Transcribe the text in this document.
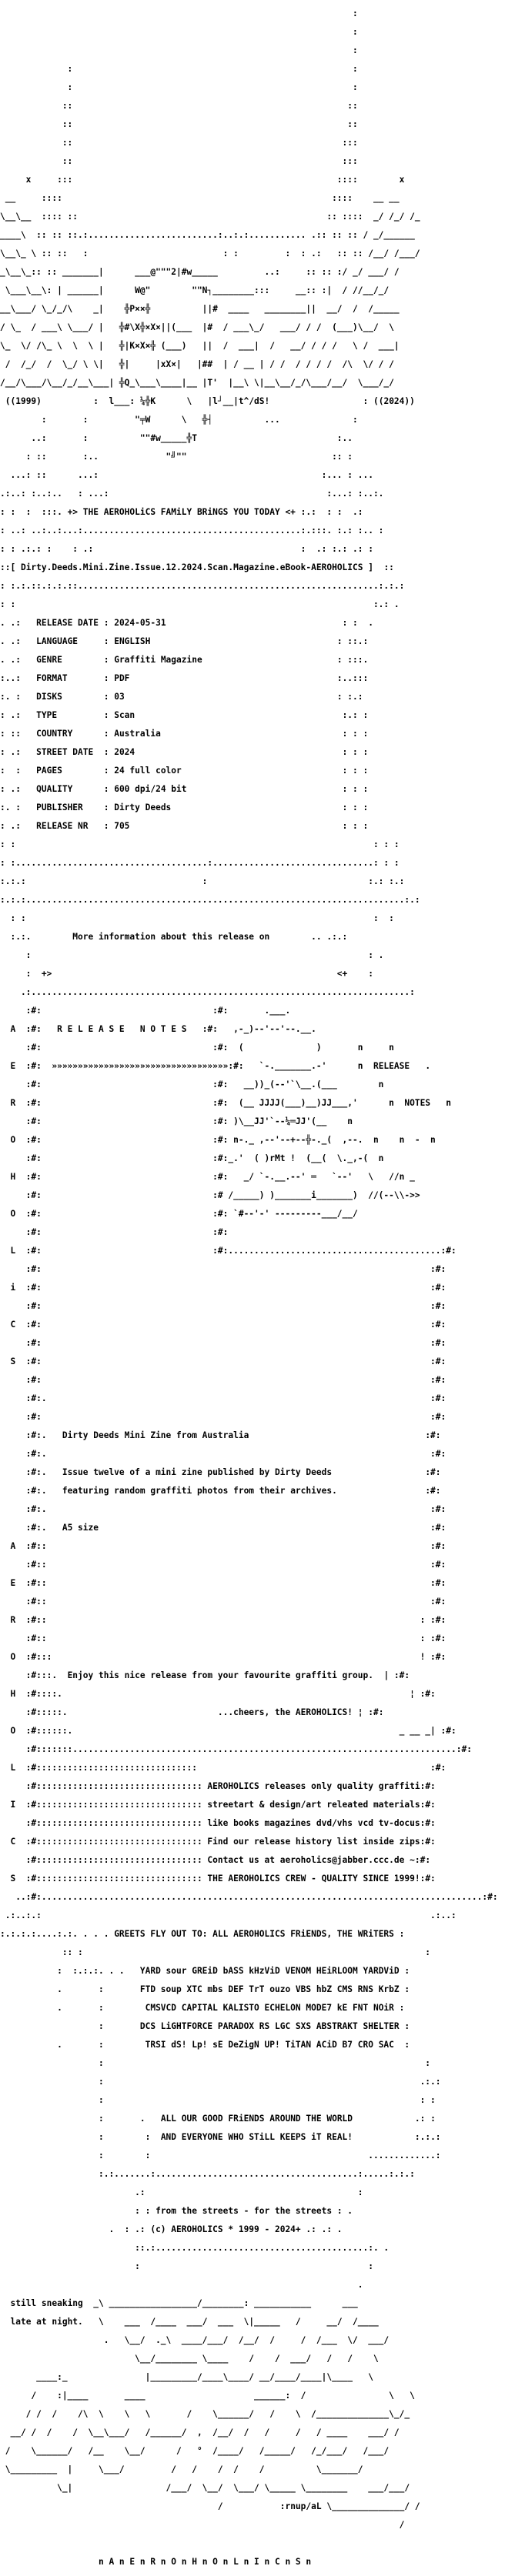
:

:

:

:                                                      :

:                                                      :

::                                                     ::

::                                                     ::

::                                                    :::

::                                                    :::

x     :::                                                   ::::        x

__     ::::                                                    ::::    __ __

\__\__  :::: ::                                                :: ::::  _/ /_/ /_

____\  :: :: ::.:.........................:..:.:........... .:: :: :: / _/______

\__\_ \ :: ::   :                          : :         :  : .:   :: :: /__/ /___/

_\__\_:: :: _______|      ___@"""2|#w_____         ..:     :: :: :/ _/ ___/ /

\___\__\: | ______|      W@"        ""N┐________:::     __:: :|  / //__/_/

__\___/ \_/_/\    _|    ╬P××╬          ||#  ____   ________||  __/  /  /_____

/ \_  / ___\ \___/ |   ╬#\X╬×X×||(___  |#  / ___\_/   ___/ / /  (___)\__/  \

\_  \/ /\_ \  \  \ |   ╬|K×X×╬ (___)   ||  /  ___|  /   __/ / / /   \ /  ___|

/  /_/  /  \_/ \ \|   ╬|     |xX×|   |##  | / __ | / /  / / / /  /\  \/ / /

/__/\___/\__/_/__\___| ╬Q_\___\____|__ |T'  |__\ \|__\__/_/\___/__/  \___/_/

((1999)          :  l___: ¼╬K      \   |l┘__|t^/dS!                  : ((2024))

:       :         "╤W      \   ╬┤          ...              :

..:       :          ""#w_____╬T                           :..

: ::       :..             "╝""                            :: :

...: ::      ...:                                           :... : ...

.:..: :..:..   : ...:                                          :...: :..:.

: :  :  :::. +> THE AEROHOLiCS FAMiLY BRiNGS YOU TODAY <+ :.:  : :  .:

: ..: ..:..:...:..........................................:.:::. :.: :.. :

: : .:.: :    : .:                                        :  .: :.: .: :

::[ Dirty.Deeds.Mini.Zine.Issue.12.2024.Scan.Magazine.eBook-AEROHOLICS ]  ::

: :.:.::.:.:.::..........................................................:.:.:

: :                                                                     :.: .

. .:   RELEASE DATE : 2024-05-31                                  : :  .

. .:   LANGUAGE     : ENGLISH                                    : ::.:

. .:   GENRE        : Graffiti Magazine                          : :::.

:..:   FORMAT       : PDF                                        :..:::

:. :   DISKS        : 03                                         : :.:

: .:   TYPE         : Scan                                        :.: :

: ::   COUNTRY      : Australia                                   : : :

: .:   STREET DATE  : 2024                                        : : :

:  :   PAGES        : 24 full color                               : : :

: .:   QUALITY      : 600 dpi/24 bit                              : : :

:. :   PUBLISHER    : Dirty Deeds                                 : : :

: .:   RELEASE NR   : 705                                         : : :

: :                                                                     : : :

: :.....................................:...............................: : :

:.:.:                                  :                               :.: :.:

:.:.:.........................................................................:.:

: :                                                                   :  :

:.:.        More information about this release on        .. .:.:

:                                                                 : .

:  +>                                                       <+    :

.:.........................................................................:

:#:                                 :#:       .___.

A  :#:   R E L E A S E   N O T E S   :#:   ,-_)--'--'--.__.

:#:                                 :#:  (              )       n     n

E  :#:  »»»»»»»»»»»»»»»»»»»»»»»»»»»»»»»»»»:#:   `-._______.-'      n  RELEASE   .

:#:                                 :#:   __))_(--'`\__.(___        n

R  :#:                                 :#:  (__ JJJJ(___)__)JJ___,'      n  NOTES   n

:#:                                 :#: )\__JJ'`--¼═JJ'(__    n

O  :#:                                 :#: n-._ ,--'--+--╬-._(  ,--.  n    n  -  n

:#:                                 :#:_.'  ( )rMt !  (__(  \._,-(  n

H  :#:                                 :#:   _/ `-.__.--' ═   `--'   \   //n _

:#:                                 :# /_____) )_______i_______)  //(--\\->>

O  :#:                                 :#: `#--'-' ---------___/__/

:#:                                 :#:

L  :#:                                 :#:.........................................:#:

:#:                                                                           :#:

i  :#:                                                                           :#:

:#:                                                                           :#:

C  :#:                                                                           :#:

:#:                                                                           :#:

S  :#:                                                                           :#:

:#:                                                                           :#:

:#:.                                                                          :#:

:#:                                                                           :#:

:#:.   Dirty Deeds Mini Zine from Australia                                  :#:

:#:.                                                                          :#:

:#:.   Issue twelve of a mini zine published by Dirty Deeds                  :#:

:#:.   featuring random graffiti photos from their archives.                 :#:

:#:.                                                                          :#:

:#:.   A5 size                                                                :#:

A  :#::                                                                          :#:

:#::                                                                          :#:

E  :#::                                                                          :#:

:#::                                                                          :#:

R  :#::                                                                        : :#:

:#::                                                                        : :#:

O  :#:::                                                                       ! :#:

:#:::.  Enjoy this nice release from your favourite graffiti group.  | :#:

H  :#::::.                                                                   ¦ :#:

:#:::::.                             ...cheers, the AEROHOLICS! ¦ :#:

O  :#::::::.                                                               _ __ _| :#:

:#:::::::..........................................................................:#:

L  :#:::::::::::::::::::::::::::::::                                             :#:

:#:::::::::::::::::::::::::::::::: AEROHOLICS releases only quality graffiti:#:

I  :#:::::::::::::::::::::::::::::::: streetart & design/art releated materials:#:

:#:::::::::::::::::::::::::::::::: like books magazines dvd/vhs vcd tv-docus:#:

C  :#:::::::::::::::::::::::::::::::: Find our release history list inside zips:#:

:#:::::::::::::::::::::::::::::::: Contact us at aeroholics@jabber.ccc.de ~:#:

S  :#:::::::::::::::::::::::::::::::: THE AEROHOLICS CREW - QUALITY SINCE 1999!:#:

..:#:.....................................................................................:#:

.:..:.:                                                                           .:..:

:.:.:.:....:.:. . . . GREETS FLY OUT TO: ALL AEROHOLICS FRiENDS, THE WRiTERS :

:: :                                                                  :

:  :.:.:. . .   YARD sour GREiD bASS kHzViD VENOM HEiRLOOM YARDViD :

.       :       FTD soup XTC mbs DEF TrT ouzo VBS hbZ CMS RNS KrbZ :

.       :        CMSVCD CAPITAL KALISTO ECHELON MODE7 kE FNT NOiR :

:       DCS LiGHTFORCE PARADOX RS LGC SXS ABSTRAKT SHELTER :

.       :        TRSI dS! Lp! sE DeZigN UP! TiTAN ACiD B7 CRO SAC  :

:                                                              :

:                                                             .:.:

:                                                             : :

:       .   ALL OUR GOOD FRiENDS AROUND THE WORLD            .: :

:        :  AND EVERYONE WHO STiLL KEEPS iT REAL!            :.:.:

:        :                                          .............:

:.:.......:.......................................:.....:.:.:

.:                                         :

: : from the streets - for the streets : .

.  : .: (c) AEROHOLICS * 1999 - 2024+ .: .: .

::.:.........................................:. .

:                                            :

.

still sneaking  _\ _________________/________: ___________      ___

late at night.   \    ___  /____  ___/  ___  \|_____   /     __/  /____

.   \__/  ._\  ____/___/  /__/  /     /  /___  \/  ___/

\__/________ \____    /    /  ___/   /   /    \

____:_               |_________/____\____/ __/____/____|\____   \

/    :|____       ____                     ______:  /                \   \

/ /  /    /\  \    \   \       /    \______/   /    \  /______________\_/_

__/ /  /    /  \__\___/   /______/  ,  /__/  /   /     /   / ____    ___/ /

/    \______/   /__    \__/      /   °  /____/   /_____/   /_/___/   /___/

\_________  |     \___/         /   /    /  /    /          \_______/

\_|                  /___/  \__/  \___/ \_____ \________    ___/___/

/           :rnup/aL \______________/ /

/

n A n E n R n O n H n O n L n I n C n S n
